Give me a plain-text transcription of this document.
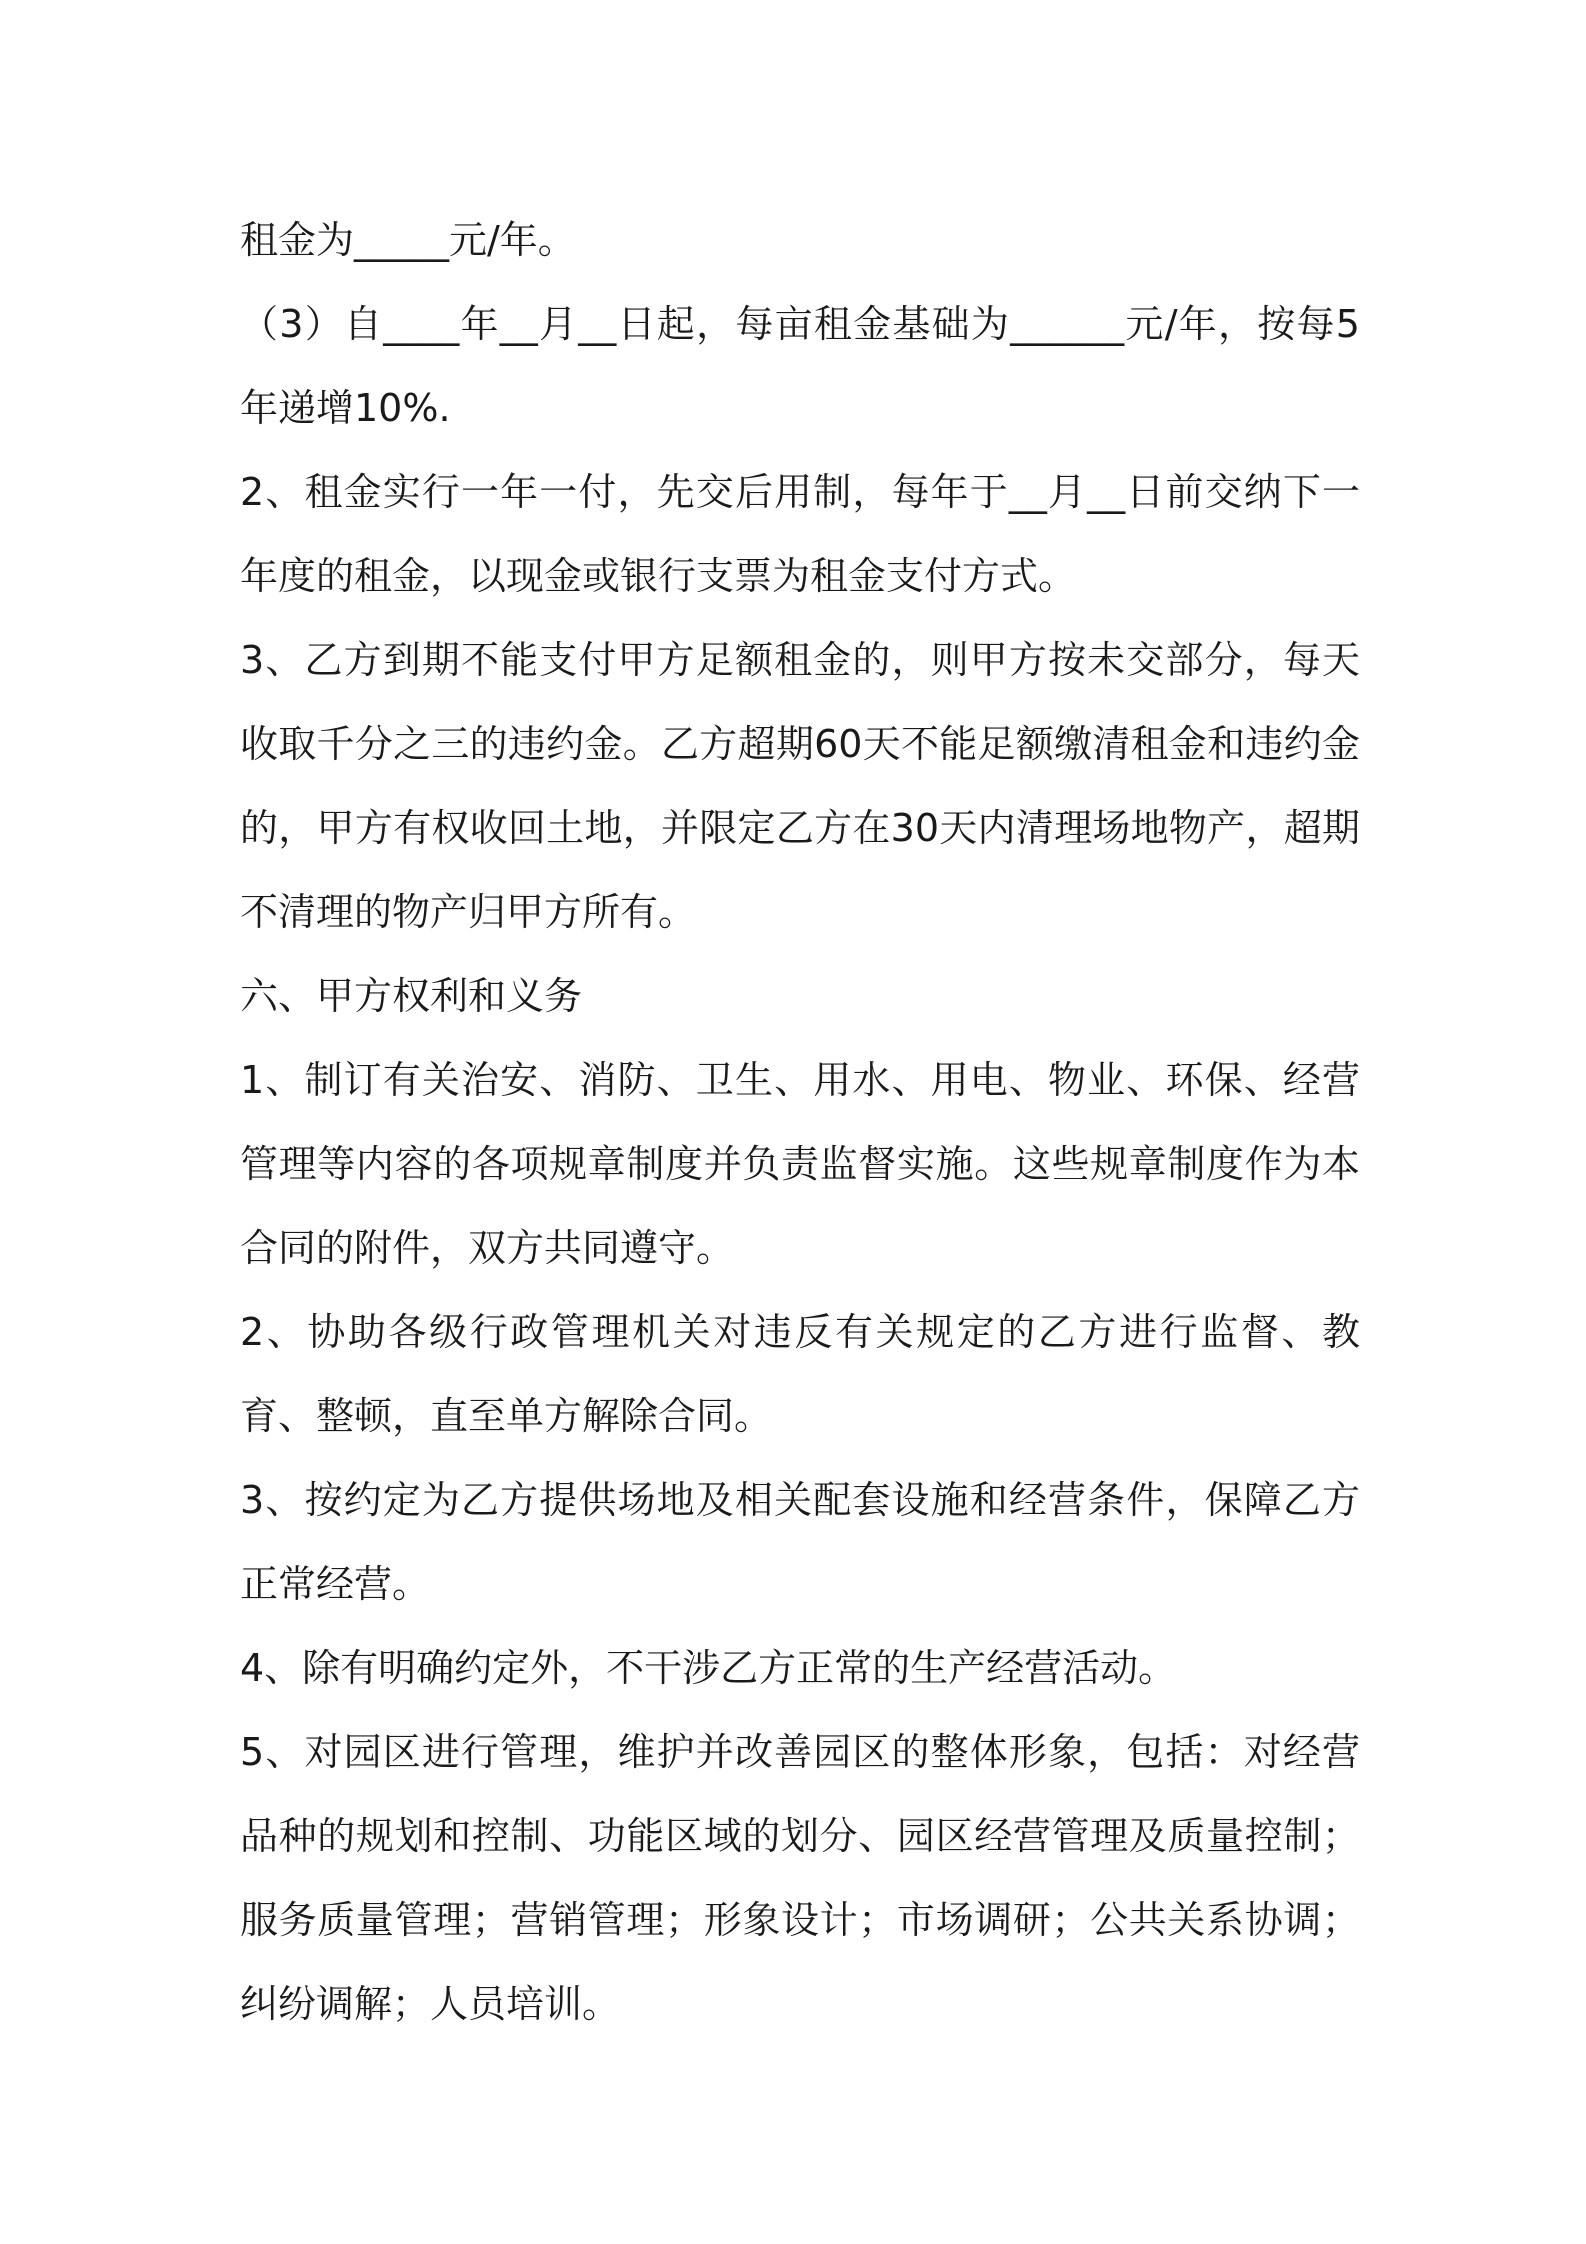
租金为_____元/年。

（3）自____年__月__日起，每亩租金基础为______元/年，按每5年递增10%.

2、租金实行一年一付，先交后用制，每年于__月__日前交纳下一年度的租金，以现金或银行支票为租金支付方式。

3、乙方到期不能支付甲方足额租金的，则甲方按未交部分，每天收取千分之三的违约金。乙方超期60天不能足额缴清租金和违约金的，甲方有权收回土地，并限定乙方在30天内清理场地物产，超期不清理的物产归甲方所有。

六、甲方权利和义务

1、制订有关治安、消防、卫生、用水、用电、物业、环保、经营管理等内容的各项规章制度并负责监督实施。这些规章制度作为本合同的附件，双方共同遵守。

2、协助各级行政管理机关对违反有关规定的乙方进行监督、教育、整顿，直至单方解除合同。

3、按约定为乙方提供场地及相关配套设施和经营条件，保障乙方正常经营。

4、除有明确约定外，不干涉乙方正常的生产经营活动。

5、对园区进行管理，维护并改善园区的整体形象，包括：对经营品种的规划和控制、功能区域的划分、园区经营管理及质量控制；服务质量管理；营销管理；形象设计；市场调研；公共关系协调；纠纷调解；人员培训。
